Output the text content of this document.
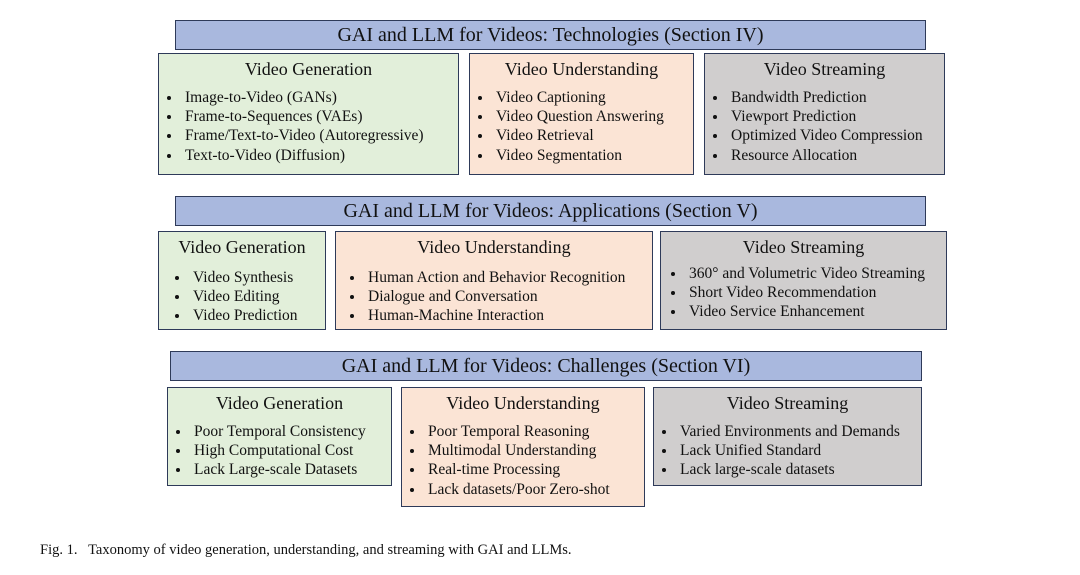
GAI and LLM for Videos: Technologies (Section IV)
Video Generation
Image-to-Video (GANs)
Frame-to-Sequences (VAEs)
Frame/Text-to-Video (Autoregressive)
Text-to-Video (Diffusion)
Video Understanding
Video Captioning
Video Question Answering
Video Retrieval
Video Segmentation
Video Streaming
Bandwidth Prediction
Viewport Prediction
Optimized Video Compression
Resource Allocation
GAI and LLM for Videos: Applications (Section V)
Video Generation
Video Synthesis
Video Editing
Video Prediction
Video Understanding
Human Action and Behavior Recognition
Dialogue and Conversation
Human-Machine Interaction
Video Streaming
360° and Volumetric Video Streaming
Short Video Recommendation
Video Service Enhancement
GAI and LLM for Videos: Challenges (Section VI)
Video Generation
Poor Temporal Consistency
High Computational Cost
Lack Large-scale Datasets
Video Understanding
Poor Temporal Reasoning
Multimodal Understanding
Real-time Processing
Lack datasets/Poor Zero-shot
Video Streaming
Varied Environments and Demands
Lack Unified Standard
Lack large-scale datasets
Fig. 1.   Taxonomy of video generation, understanding, and streaming with GAI and LLMs.
